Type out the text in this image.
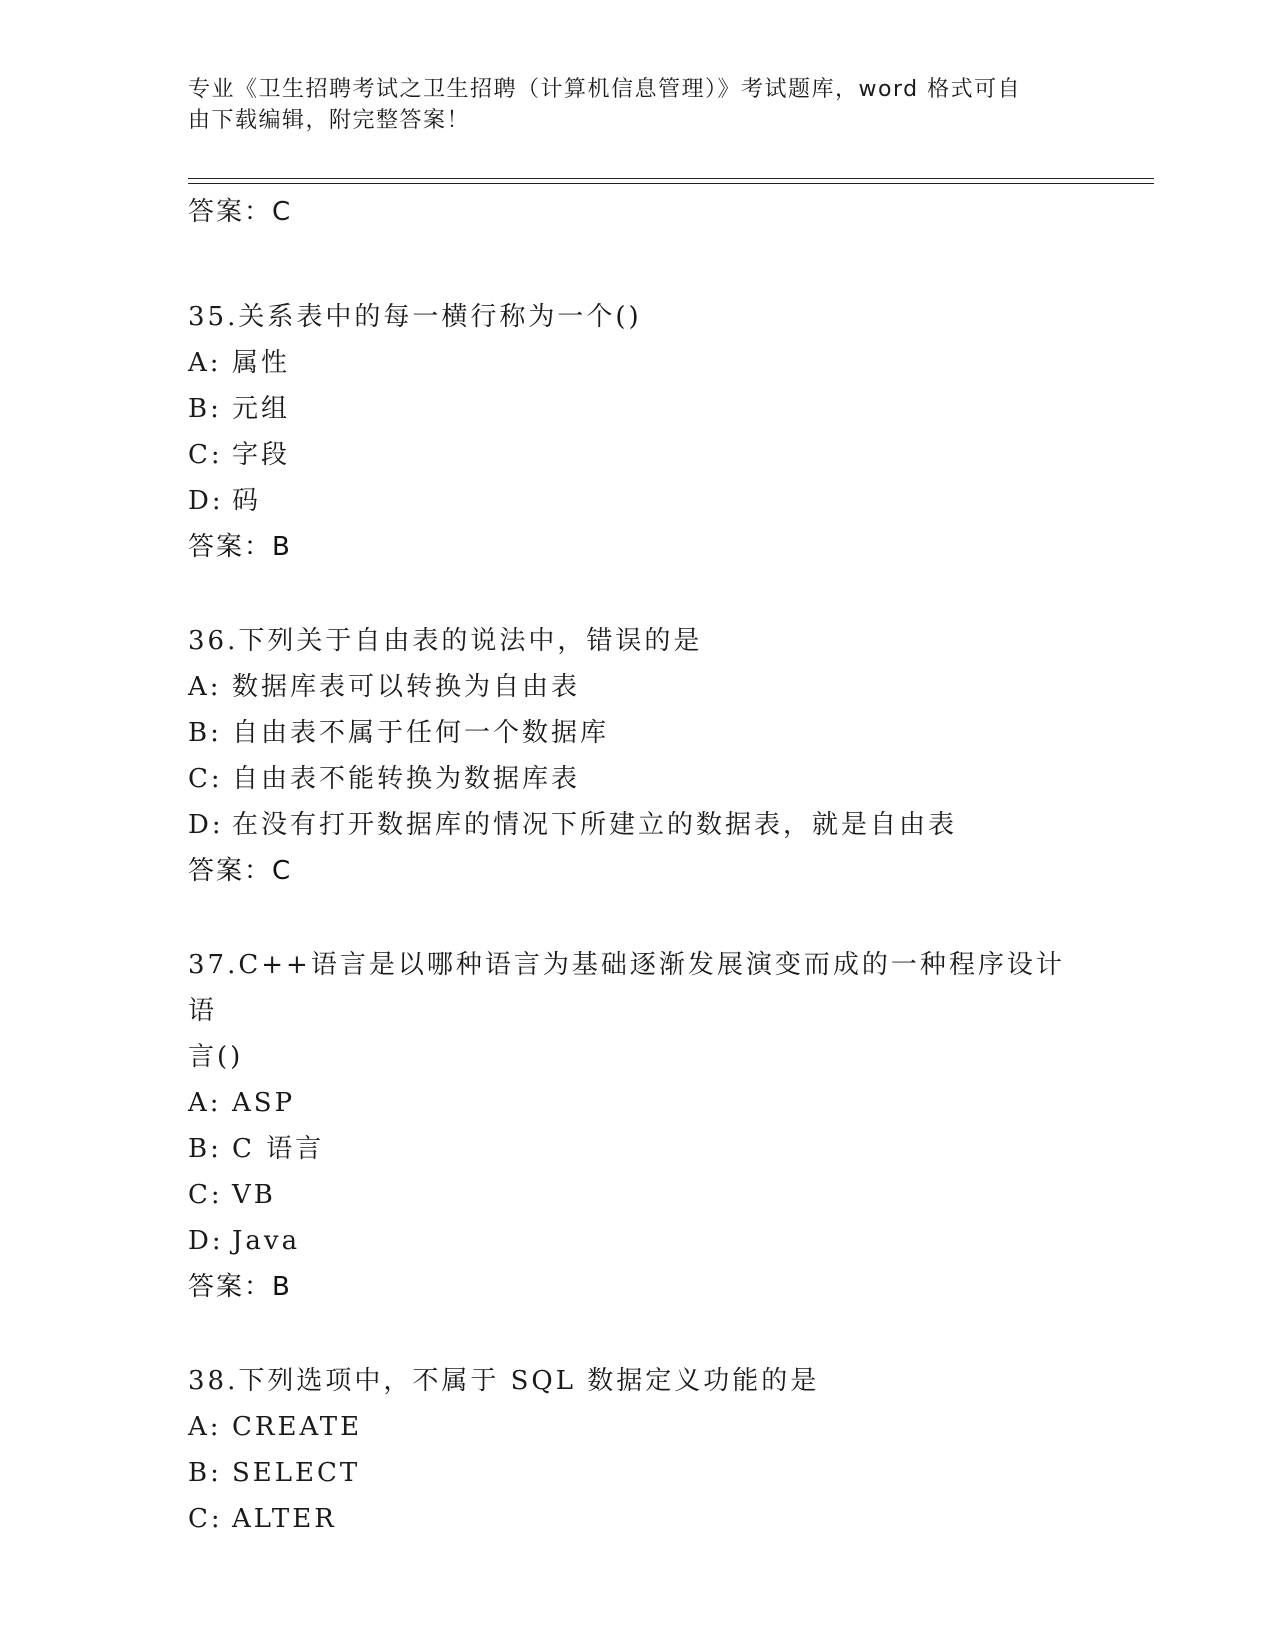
专业《卫生招聘考试之卫生招聘（计算机信息管理）》考试题库，word 格式可自
由下载编辑，附完整答案！
答案：C
35.关系表中的每一横行称为一个()
A: 属性
B: 元组
C: 字段
D: 码
答案：B
36.下列关于自由表的说法中，错误的是
A: 数据库表可以转换为自由表
B: 自由表不属于任何一个数据库
C: 自由表不能转换为数据库表
D: 在没有打开数据库的情况下所建立的数据表，就是自由表
答案：C
37.C++语言是以哪种语言为基础逐渐发展演变而成的一种程序设计语
言()
A: ASP
B: C 语言
C: VB
D: Java
答案：B
38.下列选项中，不属于 SQL 数据定义功能的是
A: CREATE
B: SELECT
C: ALTER
